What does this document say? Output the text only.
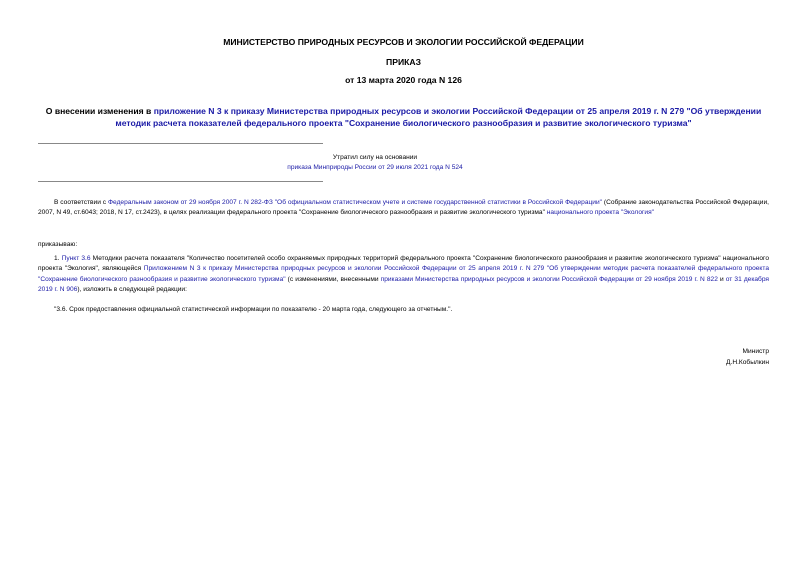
МИНИСТЕРСТВО ПРИРОДНЫХ РЕСУРСОВ И ЭКОЛОГИИ РОССИЙСКОЙ ФЕДЕРАЦИИ
ПРИКАЗ
от 13 марта 2020 года N 126
О внесении изменения в приложение N 3 к приказу Министерства природных ресурсов и экологии Российской Федерации от 25 апреля 2019 г. N 279 "Об утверждении методик расчета показателей федерального проекта "Сохранение биологического разнообразия и развитие экологического туризма"
Утратил силу на основании
приказа Минприроды России от 29 июля 2021 года N 524
В соответствии с Федеральным законом от 29 ноября 2007 г. N 282-ФЗ "Об официальном статистическом учете и системе государственной статистики в Российской Федерации" (Собрание законодательства Российской Федерации, 2007, N 49, ст.6043; 2018, N 17, ст.2423), в целях реализации федерального проекта "Сохранение биологического разнообразия и развитие экологического туризма" национального проекта "Экология"
приказываю:
1. Пункт 3.6 Методики расчета показателя "Количество посетителей особо охраняемых природных территорий федерального проекта "Сохранение биологического разнообразия и развитие экологического туризма" национального проекта "Экология", являющейся Приложением N 3 к приказу Министерства природных ресурсов и экологии Российской Федерации от 25 апреля 2019 г. N 279 "Об утверждении методик расчета показателей федерального проекта "Сохранение биологического разнообразия и развитие экологического туризма" (с изменениями, внесенными приказами Министерства природных ресурсов и экологии Российской Федерации от 29 ноября 2019 г. N 822 и от 31 декабря 2019 г. N 906), изложить в следующей редакции:
"3.6. Срок предоставления официальной статистической информации по показателю - 20 марта года, следующего за отчетным.".
Министр
Д.Н.Кобылкин
